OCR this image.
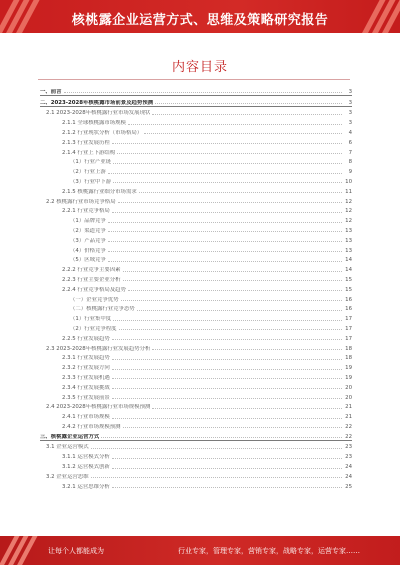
核桃露企业运营方式、思维及策略研究报告
内容目录
一、前言	3
二、2023-2028年核桃露市场前景及趋势预测	3
2.1 2023-2028年核桃露行业市场发展现状	3
2.1.1 全球核桃露市场规模	3
2.1.2 行业现状分析（市场格局）	4
2.1.3 行业发展历程	6
2.1.4 行业上下游结构	7
（1）行业产业链	8
（2）行业上游	9
（3）行业中下游	10
2.1.5 核桃露行业细分市场需求	11
2.2 核桃露行业市场竞争格局	12
2.2.1 行业竞争格局	12
（1）品牌竞争	12
（2）渠道竞争	13
（3）产品竞争	13
（4）价格竞争	13
（5）区域竞争	14
2.2.2 行业竞争主要因素	14
2.2.3 行业主要企业分析	15
2.2.4 行业竞争格局及趋势	15
（一）企业竞争优势	16
（二）核桃露行业竞争态势	16
（1）行业集中度	17
（2）行业竞争程度	17
2.2.5 行业发展趋势	17
2.3 2023-2028年核桃露行业发展趋势分析	18
2.3.1 行业发展趋势	18
2.3.2 行业发展方向	19
2.3.3 行业发展机遇	19
2.3.4 行业发展挑战	20
2.3.5 行业发展前景	20
2.4 2023-2028年核桃露行业市场规模预测	21
2.4.1 行业市场规模	21
2.4.2 行业市场规模预测	22
三、核桃露企业运营方式	22
3.1 企业运营模式	23
3.1.1 运营模式分析	23
3.1.2 运营模式创新	24
3.2 企业运营思维	24
3.2.1 运营思维分析	25
让每个人都能成为	行业专家，管理专家，营销专家，战略专家，运营专家……
